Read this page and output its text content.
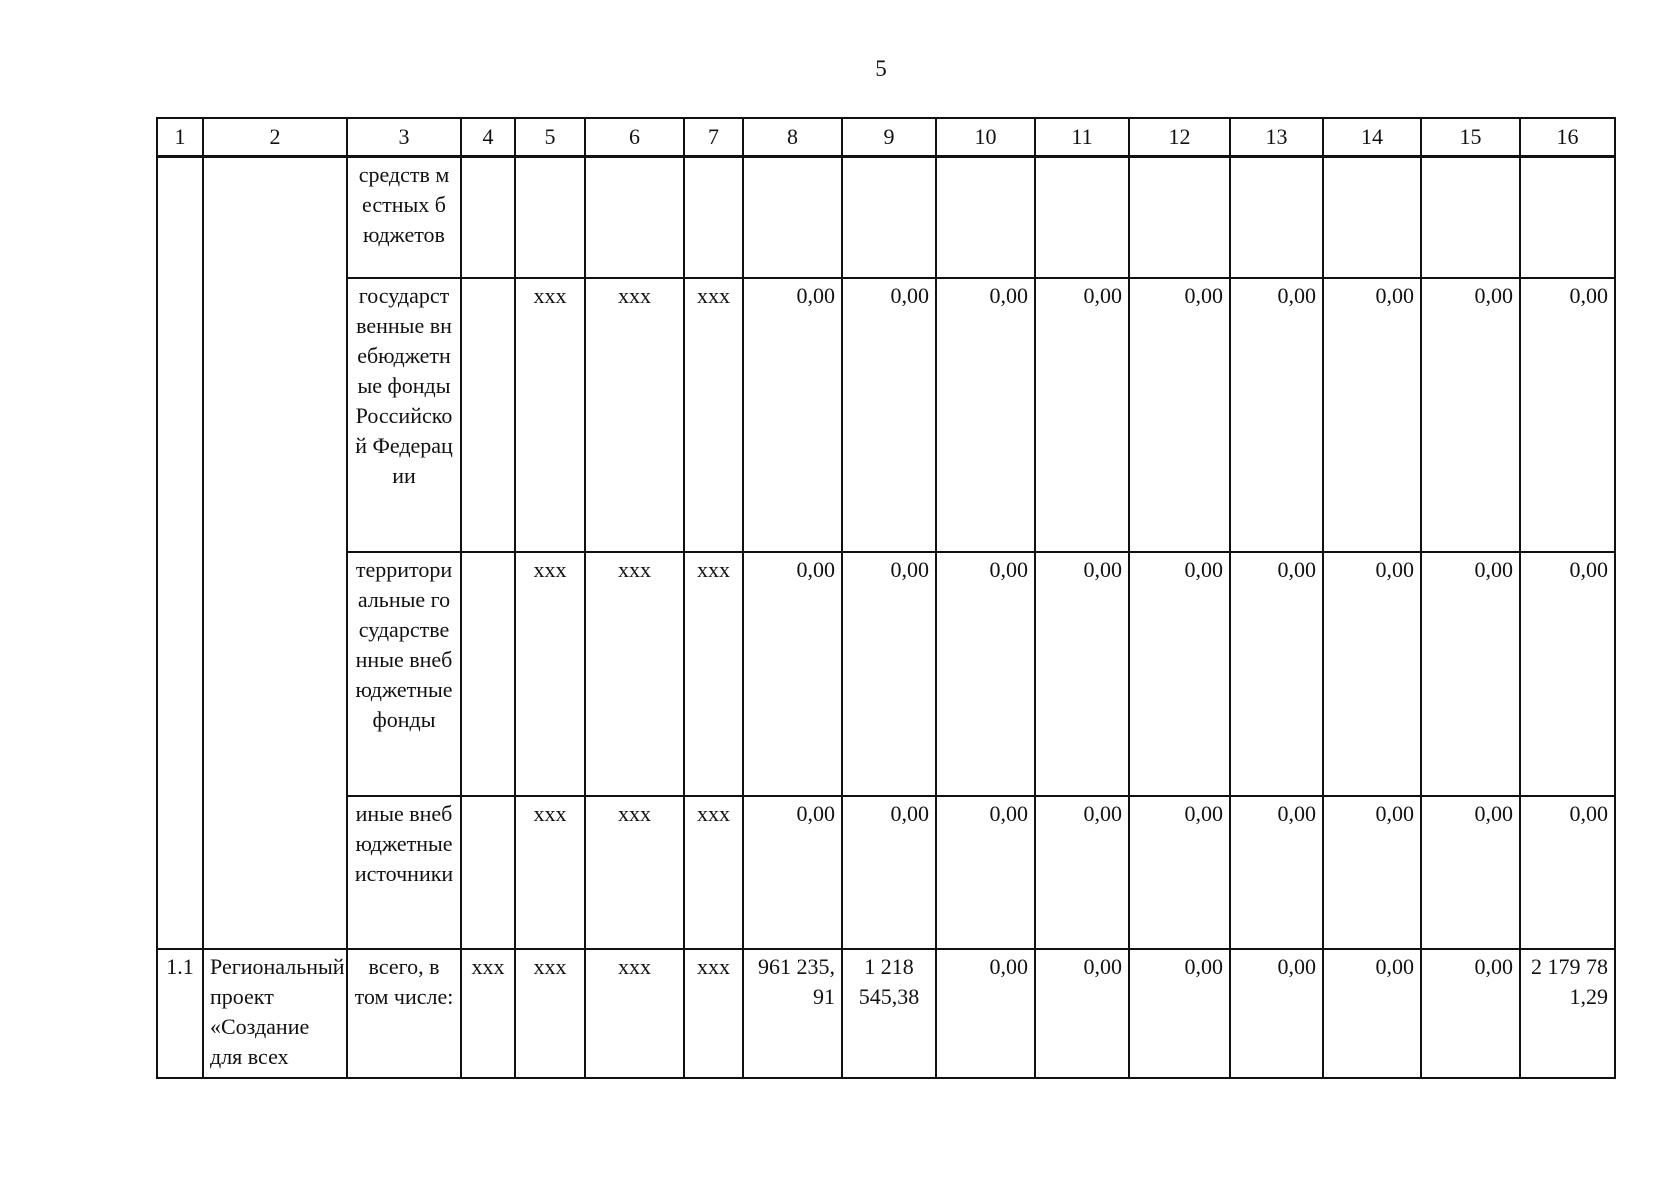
5
1	2	3	4	5	6	7	8	9	10	11	12	13	14	15	16
		средств местных бюджетов													
		государственные внебюджетные фонды Российской Федерации		ххх	ххх	ххх	0,00	0,00	0,00	0,00	0,00	0,00	0,00	0,00	0,00
		территориальные государственные внебюджетные фонды		ххх	ххх	ххх	0,00	0,00	0,00	0,00	0,00	0,00	0,00	0,00	0,00
		иные внебюджетные источники		ххх	ххх	ххх	0,00	0,00	0,00	0,00	0,00	0,00	0,00	0,00	0,00
1.1	Региональный проект «Создание для всех	всего, в том числе:	ххх	ххх	ххх	ххх	961 235,91	1 218 545,38	0,00	0,00	0,00	0,00	0,00	0,00	2 179 781,29
